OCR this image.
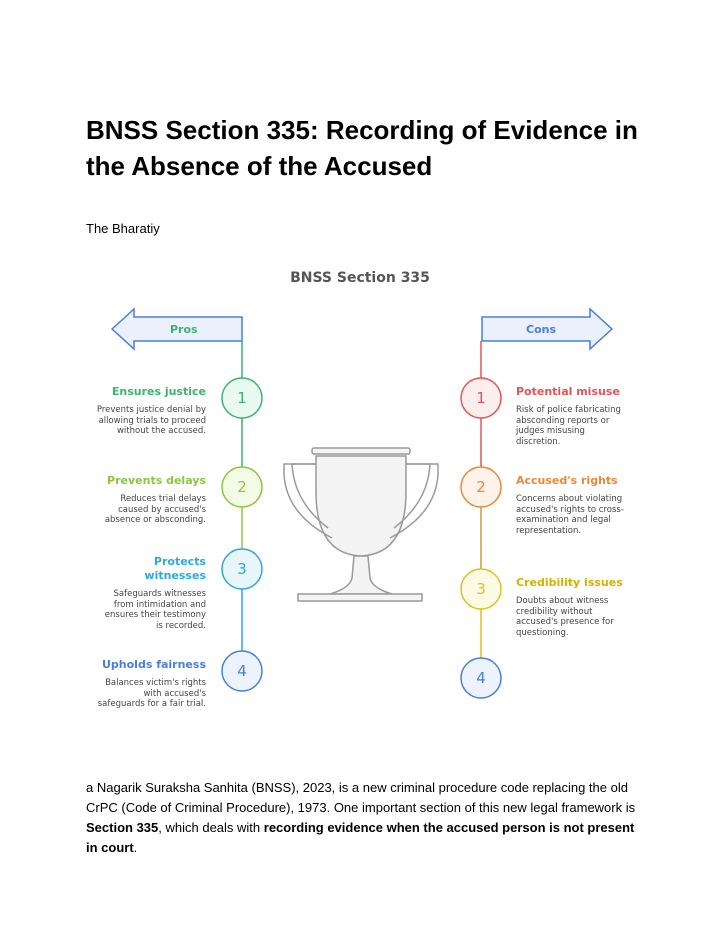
BNSS Section 335: Recording of Evidence in the Absence of the Accused
The Bharatiy
BNSS Section 335
Pros	Cons
1
2
3
4
1
2
3
4
Ensures justice
Prevents justice denial by allowing trials to proceed without the accused.
Prevents delays
Reduces trial delays caused by accused's absence or absconding.
Protects witnesses
Safeguards witnesses from intimidation and ensures their testimony is recorded.
Upholds fairness
Balances victim's rights with accused's safeguards for a fair trial.
Potential misuse
Risk of police fabricating absconding reports or judges misusing discretion.
Accused's rights
Concerns about violating accused's rights to cross-examination and legal representation.
Credibility issues
Doubts about witness credibility without accused's presence for questioning.
a Nagarik Suraksha Sanhita (BNSS), 2023, is a new criminal procedure code replacing the old CrPC (Code of Criminal Procedure), 1973. One important section of this new legal framework is Section 335, which deals with recording evidence when the accused person is not present in court.
